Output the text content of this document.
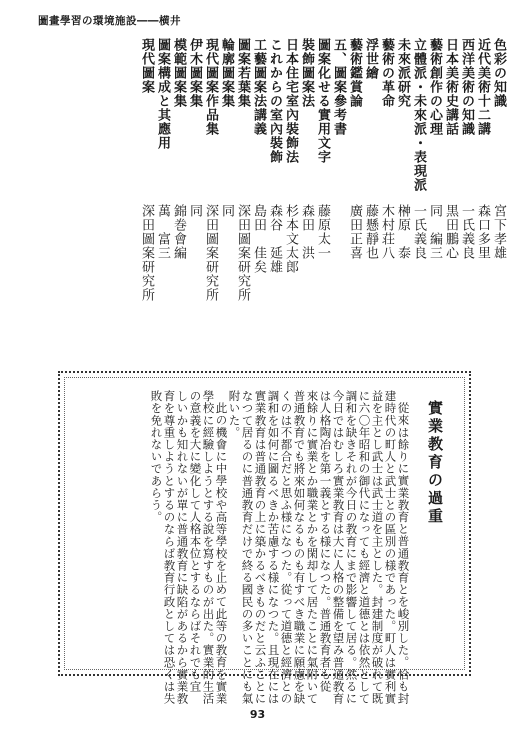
圖畫學習の環境施設――横井
色彩の知識
宮下孝雄
近代美術十二講
森口多里
西洋美術の知識
一氏義良
日本美術史講話
黒田鵬心
藝術創作の心理
同　編三
立體派・未來派・表現派
一氏義良
未來派研究
榊原　泰
藝術の革命
木村荘八
浮世繪
藤懸靜也
藝術鑑賞論
廣田正喜
五、圖案參考書
圖案化せる實用文字
藤原太一
裝飾圖案法
森田　洪
日本住宅室內裝飾法
杉本文太郎
これからの室內裝飾
森谷　延雄
工藝圖案法講義
島田　佳矣
圖案若葉集
深田圖案研究所
輪廓圖案集
同
現代圖案作品集
深田圖案研究所
伊木圖案集
同
模範圖案集
錦巻會編
圖案構成と其應用
萬　富三
現代圖案
深田圖案研究所
實業教育の過重
從來は餘りに實業教育と普通教育とを峻別した。恰も封
建時代の町人と武士との區別の様であった。町人は實利實
益を主とし武士は武士道を主とした。封建制度が破れて既
に六〇年昭和の御代になっても經濟と道德とは依然として
調和を缺きそれが今日の教育にまで影響して居る。然るに
今日ではむしろ實業教育は大に人格の整備を望み普通教育
は人格陶冶を第一義とする様になつた。普通教育者も從
來餘りに實業とか職業とかを閑却して居たことに氣附いて
普通教育でも將來如何なるものも有すべき職業に願慮を缺
くのは不都合だと思ふ様になつた。從って道德と經濟との
調和を如何に圖るべきか苦慮する様になつた。且現在には
實業教育は普通教育の上に築かるべきものだと云ふことに
なつて居るのに普通教育だけで終る國民の多いことにも氣
附いた。
此の機會に中學校や高等學校を止めて此等の教育を實業
學校に經驗しようとする說を寫すものが出た。實業的生活
の意義を大に變化して人格本位とするならばそれでも宜
しいかも知れないが單に普通教育に缺陷があるから實業教
育を尊重しようとするのならば教育行政としては恐くは失
敗を免れないであらう。
93
